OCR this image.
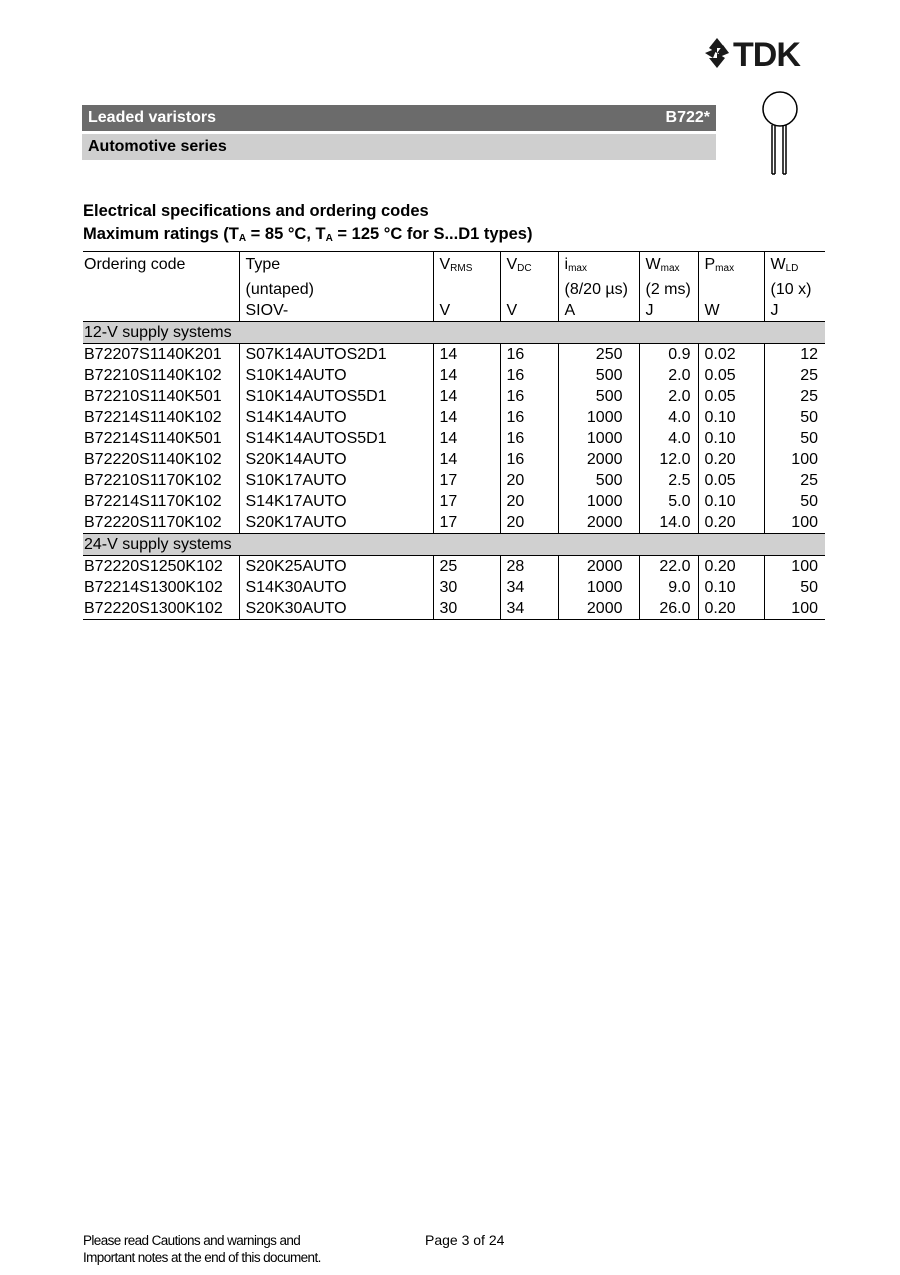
TDK
Leaded varistors	B722*
Automotive series
Electrical specifications and ordering codes
Maximum ratings ($T_A = 85$ °C, $T_A = 125$ °C for S...D1 types)
Ordering code	Type	$V_{RMS}$	$V_{DC}$	$i_{max}$	$W_{max}$	$P_{max}$	$W_{LD}$
	(untaped)			(8/20 µs)	(2 ms)		(10 x)
	SIOV-	V	V	A	J	W	J
12-V supply systems							
B72207S1140K201	S07K14AUTOS2D1	14	16	250	0.9	0.02	12
B72210S1140K102	S10K14AUTO	14	16	500	2.0	0.05	25
B72210S1140K501	S10K14AUTOS5D1	14	16	500	2.0	0.05	25
B72214S1140K102	S14K14AUTO	14	16	1000	4.0	0.10	50
B72214S1140K501	S14K14AUTOS5D1	14	16	1000	4.0	0.10	50
B72220S1140K102	S20K14AUTO	14	16	2000	12.0	0.20	100
B72210S1170K102	S10K17AUTO	17	20	500	2.5	0.05	25
B72214S1170K102	S14K17AUTO	17	20	1000	5.0	0.10	50
B72220S1170K102	S20K17AUTO	17	20	2000	14.0	0.20	100
24-V supply systems							
B72220S1250K102	S20K25AUTO	25	28	2000	22.0	0.20	100
B72214S1300K102	S14K30AUTO	30	34	1000	9.0	0.10	50
B72220S1300K102	S20K30AUTO	30	34	2000	26.0	0.20	100
Please read Cautions and warnings and
Important notes at the end of this document.
Page 3 of 24
